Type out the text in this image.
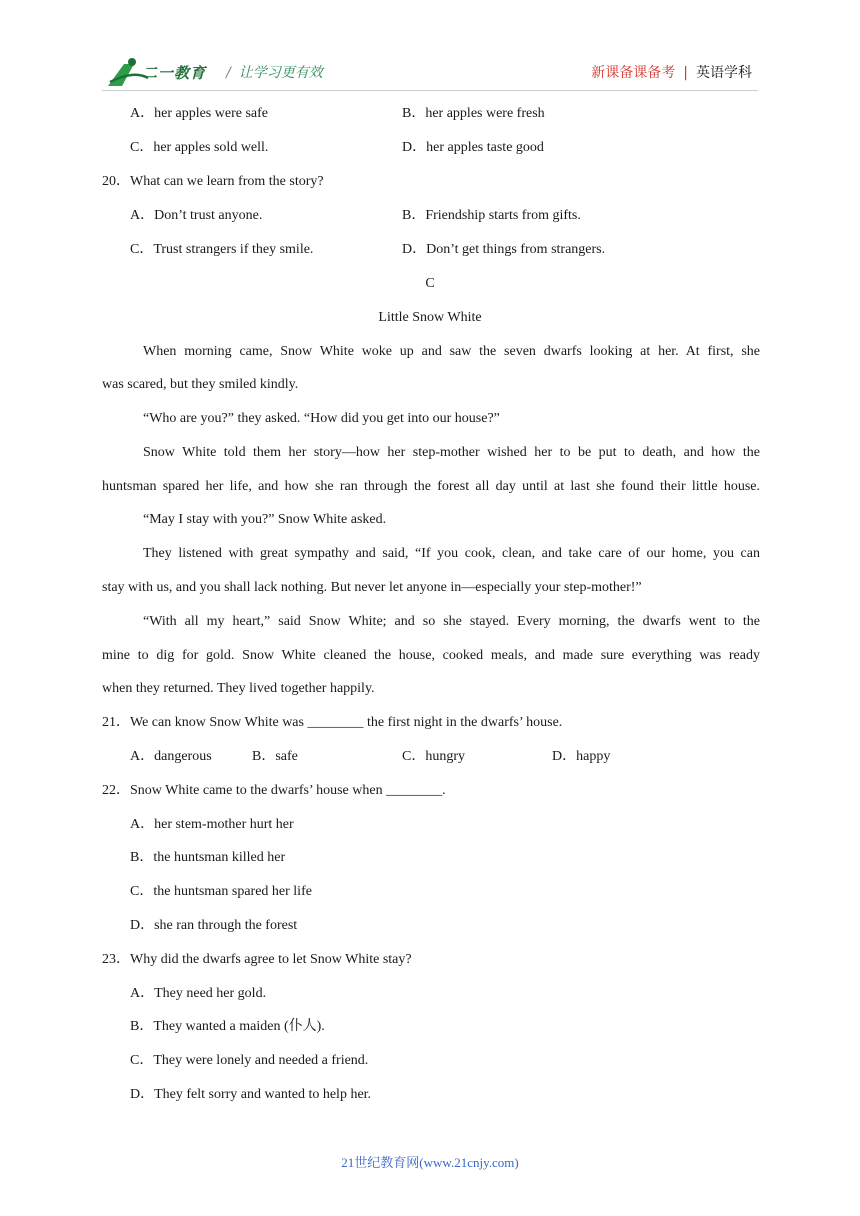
二一教育 / 让学习更有效	新课备课备考 | 英语学科
A．her apples were safe	B．her apples were fresh
C．her apples sold well.	D．her apples taste good
20．What can we learn from the story?
A．Don’t trust anyone.	B．Friendship starts from gifts.
C．Trust strangers if they smile.	D．Don’t get things from strangers.
C
Little Snow White
When morning came, Snow White woke up and saw the seven dwarfs looking at her. At first, she
was scared, but they smiled kindly.
“Who are you?” they asked. “How did you get into our house?”
Snow White told them her story—how her step-mother wished her to be put to death, and how the
huntsman spared her life, and how she ran through the forest all day until at last she found their little house.
“May I stay with you?” Snow White asked.
They listened with great sympathy and said, “If you cook, clean, and take care of our home, you can
stay with us, and you shall lack nothing. But never let anyone in—especially your step-mother!”
“With all my heart,” said Snow White; and so she stayed. Every morning, the dwarfs went to the
mine to dig for gold. Snow White cleaned the house, cooked meals, and made sure everything was ready
when they returned. They lived together happily.
21．We can know Snow White was ________ the first night in the dwarfs’ house.
A．dangerous	B．safe	C．hungry	D．happy
22．Snow White came to the dwarfs’ house when ________.
A．her stem-mother hurt her
B．the huntsman killed her
C．the huntsman spared her life
D．she ran through the forest
23．Why did the dwarfs agree to let Snow White stay?
A．They need her gold.
B．They wanted a maiden (仆人).
C．They were lonely and needed a friend.
D．They felt sorry and wanted to help her.
21世纪教育网(www.21cnjy.com)
